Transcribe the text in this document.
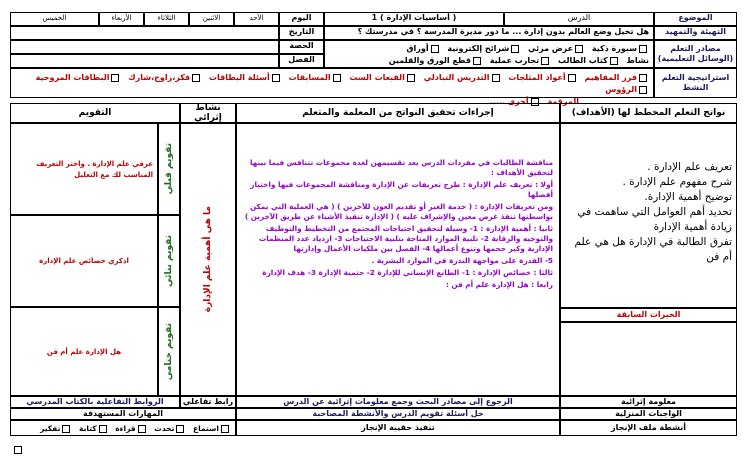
الموضوع
( أساسيات الإدارة ) 1	الدرس
اليوم
الأحد
الاثنين
الثلاثاء
الأربعاء
الخميس
التهيئة والتمهيد
هل تخيل وضع العالم بدون إدارة ... ما دور مديرة المدرسة ؟ في مدرستك ؟
التاريخ
مصادر التعلم (الوسائل التعليمية)
سبورة ذكية عرض مرئي شرائح إلكترونية أوراق
نشاط كتاب الطالب تجارب عملية قطع الورق والقلمين
الحصة
الفصل
استراتيجية التعلم النشط
فرز المفاهيم أعواد المثلجات التدريس التبادلي القبعات الست المسابقات أسئلة البطاقات فكر،زاوج،شارك البطاقات المروحية الرؤوس
المرقمة أخرى .....
نواتج التعلم المخطط لها (الأهداف)
إجراءات تحقيق النواتج من المعلمة والمتعلم
نشاط إثرائي
التقويم
تعريف علم الإدارة .
شرح مفهوم علم الإدارة .
توضيح أهمية الإدارة.
تحديد أهم العوامل التي ساهمت في زيادة أهمية الإدارة
تفرق الطالبة في الإدارة هل هي علم أم فن
الخبرات السابقة
مناقشة الطالبات في مفردات الدرس بعد تقسيمهن لعدة مجموعات تتنافس فيما بينها لتحقيق الأهداف :
أولا : تعريف علم الإدارة : طرح تعريفات عن الإدارة ومناقشة المجموعات فيها واختيار أفضلها
ومن تعريفات الإدارة : ( خدمة الغير أو تقديم العون للآخرين ) ( هي العملية التي يمكن بواسطتها تنفذ غرض معين والإشراف عليه ) ( الإدارة تنفيذ الأشياء عن طريق الآخرين )
ثانيا : أهمية الإدارة : 1- وسيلة لتحقيق احتياجات المجتمع من التخطيط والتوظيف والتوجيه والرقابة 2- تلبية الموارد المتاحة بتلبية الاحتياجات 3- ازدياد عدد المنظمات الإدارية وكبر حجمها وتنوع أعمالها 4- الفصل بين ملكيات الأعمال وإدارتها
5- القدرة على مواجهة الندرة في الموارد البشرية .
ثالثا : خصائص الإدارة : 1- الطابع الإنساني للإدارة 2- حتمية الإدارة 3- هدف الإدارة
رابعا : هل الإدارة علم أم فن :
ما هي أهمية علم الإدارة
تقويم قبلي
تقويم بنائي
تقويم ختامي
عرفي علم الإدارة . واختر التعريف المناسب لك مع التعليل
اذكري خصائص علم الإدارة
هل الإدارة علم أم فن
معلومة إثرائية
الرجوع إلى مصادر البحث وجمع معلومات إثرائية عن الدرس
رابط تفاعلي
الروابط التفاعلية بالكتاب المدرسي
الواجبات المنزلية
حل أسئلة تقويم الدرس والأنشطة المصاحبة
المهارات المستهدفة
أنشطة ملف الإنجاز
تنفيذ حقيبة الإنجاز
استماع تحدث قراءة كتابة تفكير
